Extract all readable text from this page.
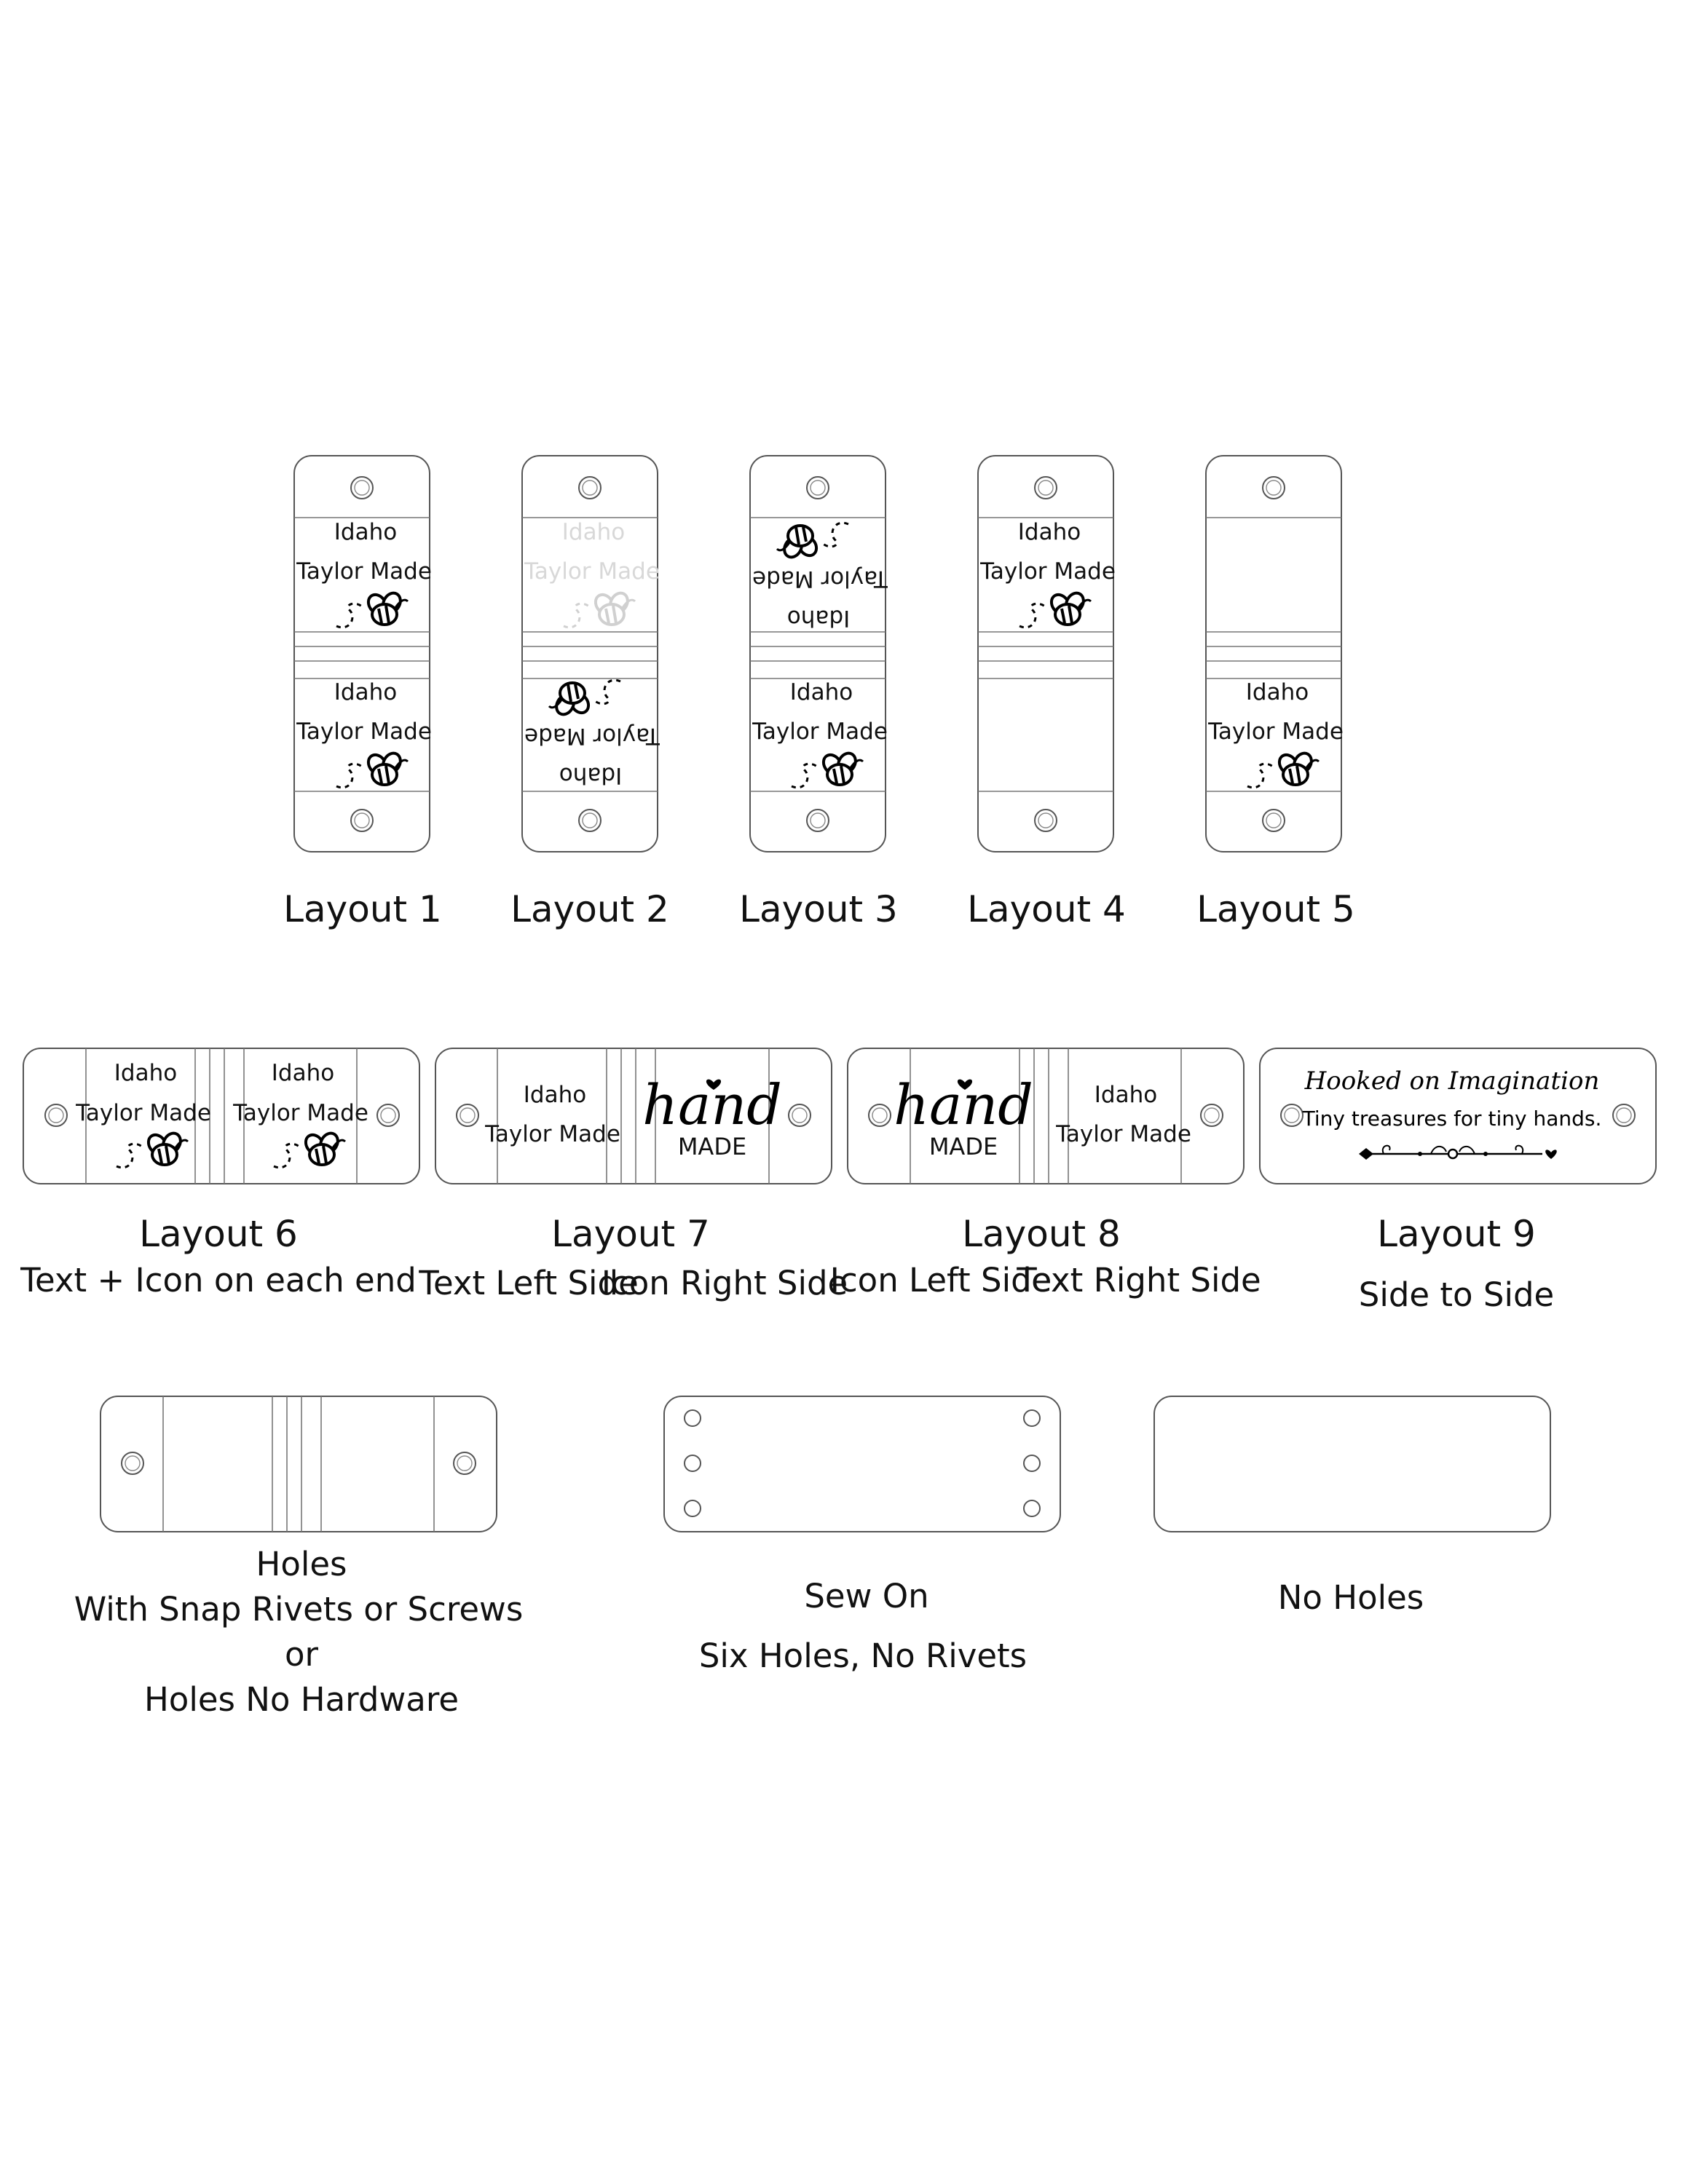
Idaho
Taylor Made
Idaho
Taylor Made
Idaho
Taylor Made
Idaho
Taylor Made
Idaho
Taylor Made
Idaho
Taylor Made
Idaho
Taylor Made
Idaho
Taylor Made
Layout 1 Layout 2 Layout 3 Layout 4 Layout 5
Idaho
Taylor Made
Idaho
Taylor Made
Idaho
Taylor Made hand
MADE
hand
MADE
Idaho
Taylor Made
Hooked on Imagination
Tiny treasures for tiny hands.
Layout 6
Text + Icon on each end
Layout 7
Text Left Side
Icon Right Side
Layout 8
Icon Left Side
Text Right Side
Layout 9
Side to Side
Holes
With Snap Rivets or Screws
or
Holes No Hardware
Sew On
Six Holes, No Rivets
No Holes
